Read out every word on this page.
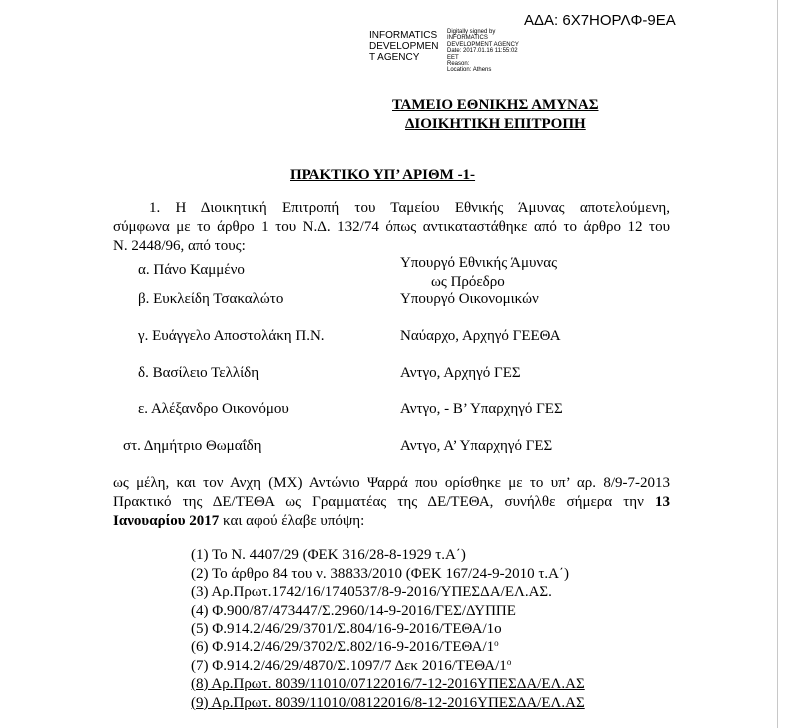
ΑΔΑ: 6Χ7ΗΟΡΛΦ-9ΕΑ
INFORMATICS
DEVELOPMEN
T AGENCY
Digitally signed by
INFORMATICS
DEVELOPMENT AGENCY
Date: 2017.01.16 11:55:02
EET
Reason:
Location: Athens
ΤΑΜΕΙΟ ΕΘΝΙΚΗΣ ΑΜΥΝΑΣ
ΔΙΟΙΚΗΤΙΚΗ ΕΠΙΤΡΟΠΗ
ΠΡΑΚΤΙΚΟ ΥΠ’ ΑΡΙΘΜ -1-
1. Η Διοικητική Επιτροπή του Ταμείου Εθνικής Άμυνας αποτελούμενη,
σύμφωνα με το άρθρο 1 του Ν.Δ. 132/74 όπως αντικαταστάθηκε από το άρθρο 12 του
Ν. 2448/96, από τους:
α. Πάνο Καμμένο	Υπουργό Εθνικής Άμυνας
ως Πρόεδρο
β. Ευκλείδη Τσακαλώτο	Υπουργό Οικονομικών
γ. Ευάγγελο Αποστολάκη Π.Ν.	Ναύαρχο, Αρχηγό ΓΕΕΘΑ
δ. Βασίλειο Τελλίδη	Αντγο, Αρχηγό ΓΕΣ
ε. Αλέξανδρο Οικονόμου	Αντγο, - Β’ Υπαρχηγό ΓΕΣ
στ. Δημήτριο Θωμαΐδη	Αντγο, Α’ Υπαρχηγό ΓΕΣ
ως μέλη, και τον Ανχη (ΜΧ) Αντώνιο Ψαρρά που ορίσθηκε με το υπ’ αρ. 8/9-7-2013
Πρακτικό της ΔΕ/ΤΕΘΑ ως Γραμματέας της ΔΕ/ΤΕΘΑ, συνήλθε σήμερα την 13
Ιανουαρίου 2017 και αφού έλαβε υπόψη:
(1) Το Ν. 4407/29 (ΦΕΚ 316/28-8-1929 τ.Α΄)
(2) Το άρθρο 84 του ν. 38833/2010 (ΦΕΚ 167/24-9-2010 τ.Α΄)
(3) Αρ.Πρωτ.1742/16/1740537/8-9-2016/ΥΠΕΣΔΑ/ΕΛ.ΑΣ.
(4) Φ.900/87/473447/Σ.2960/14-9-2016/ΓΕΣ/ΔΥΠΠΕ
(5) Φ.914.2/46/29/3701/Σ.804/16-9-2016/ΤΕΘΑ/1ο
(6) $\Phi.914.2/46/29/3702/\Sigma.802/16-9-2016/TE\Theta A/1^o$
(7) Φ.914.2/46/29/4870/Σ.1097/7 Δεκ $2016/TE\Theta A/1^o$
(8) Αρ.Πρωτ. 8039/11010/07122016/7-12-2016ΥΠΕΣΔΑ/ΕΛ.ΑΣ
(9) Αρ.Πρωτ. 8039/11010/08122016/8-12-2016ΥΠΕΣΔΑ/ΕΛ.ΑΣ
